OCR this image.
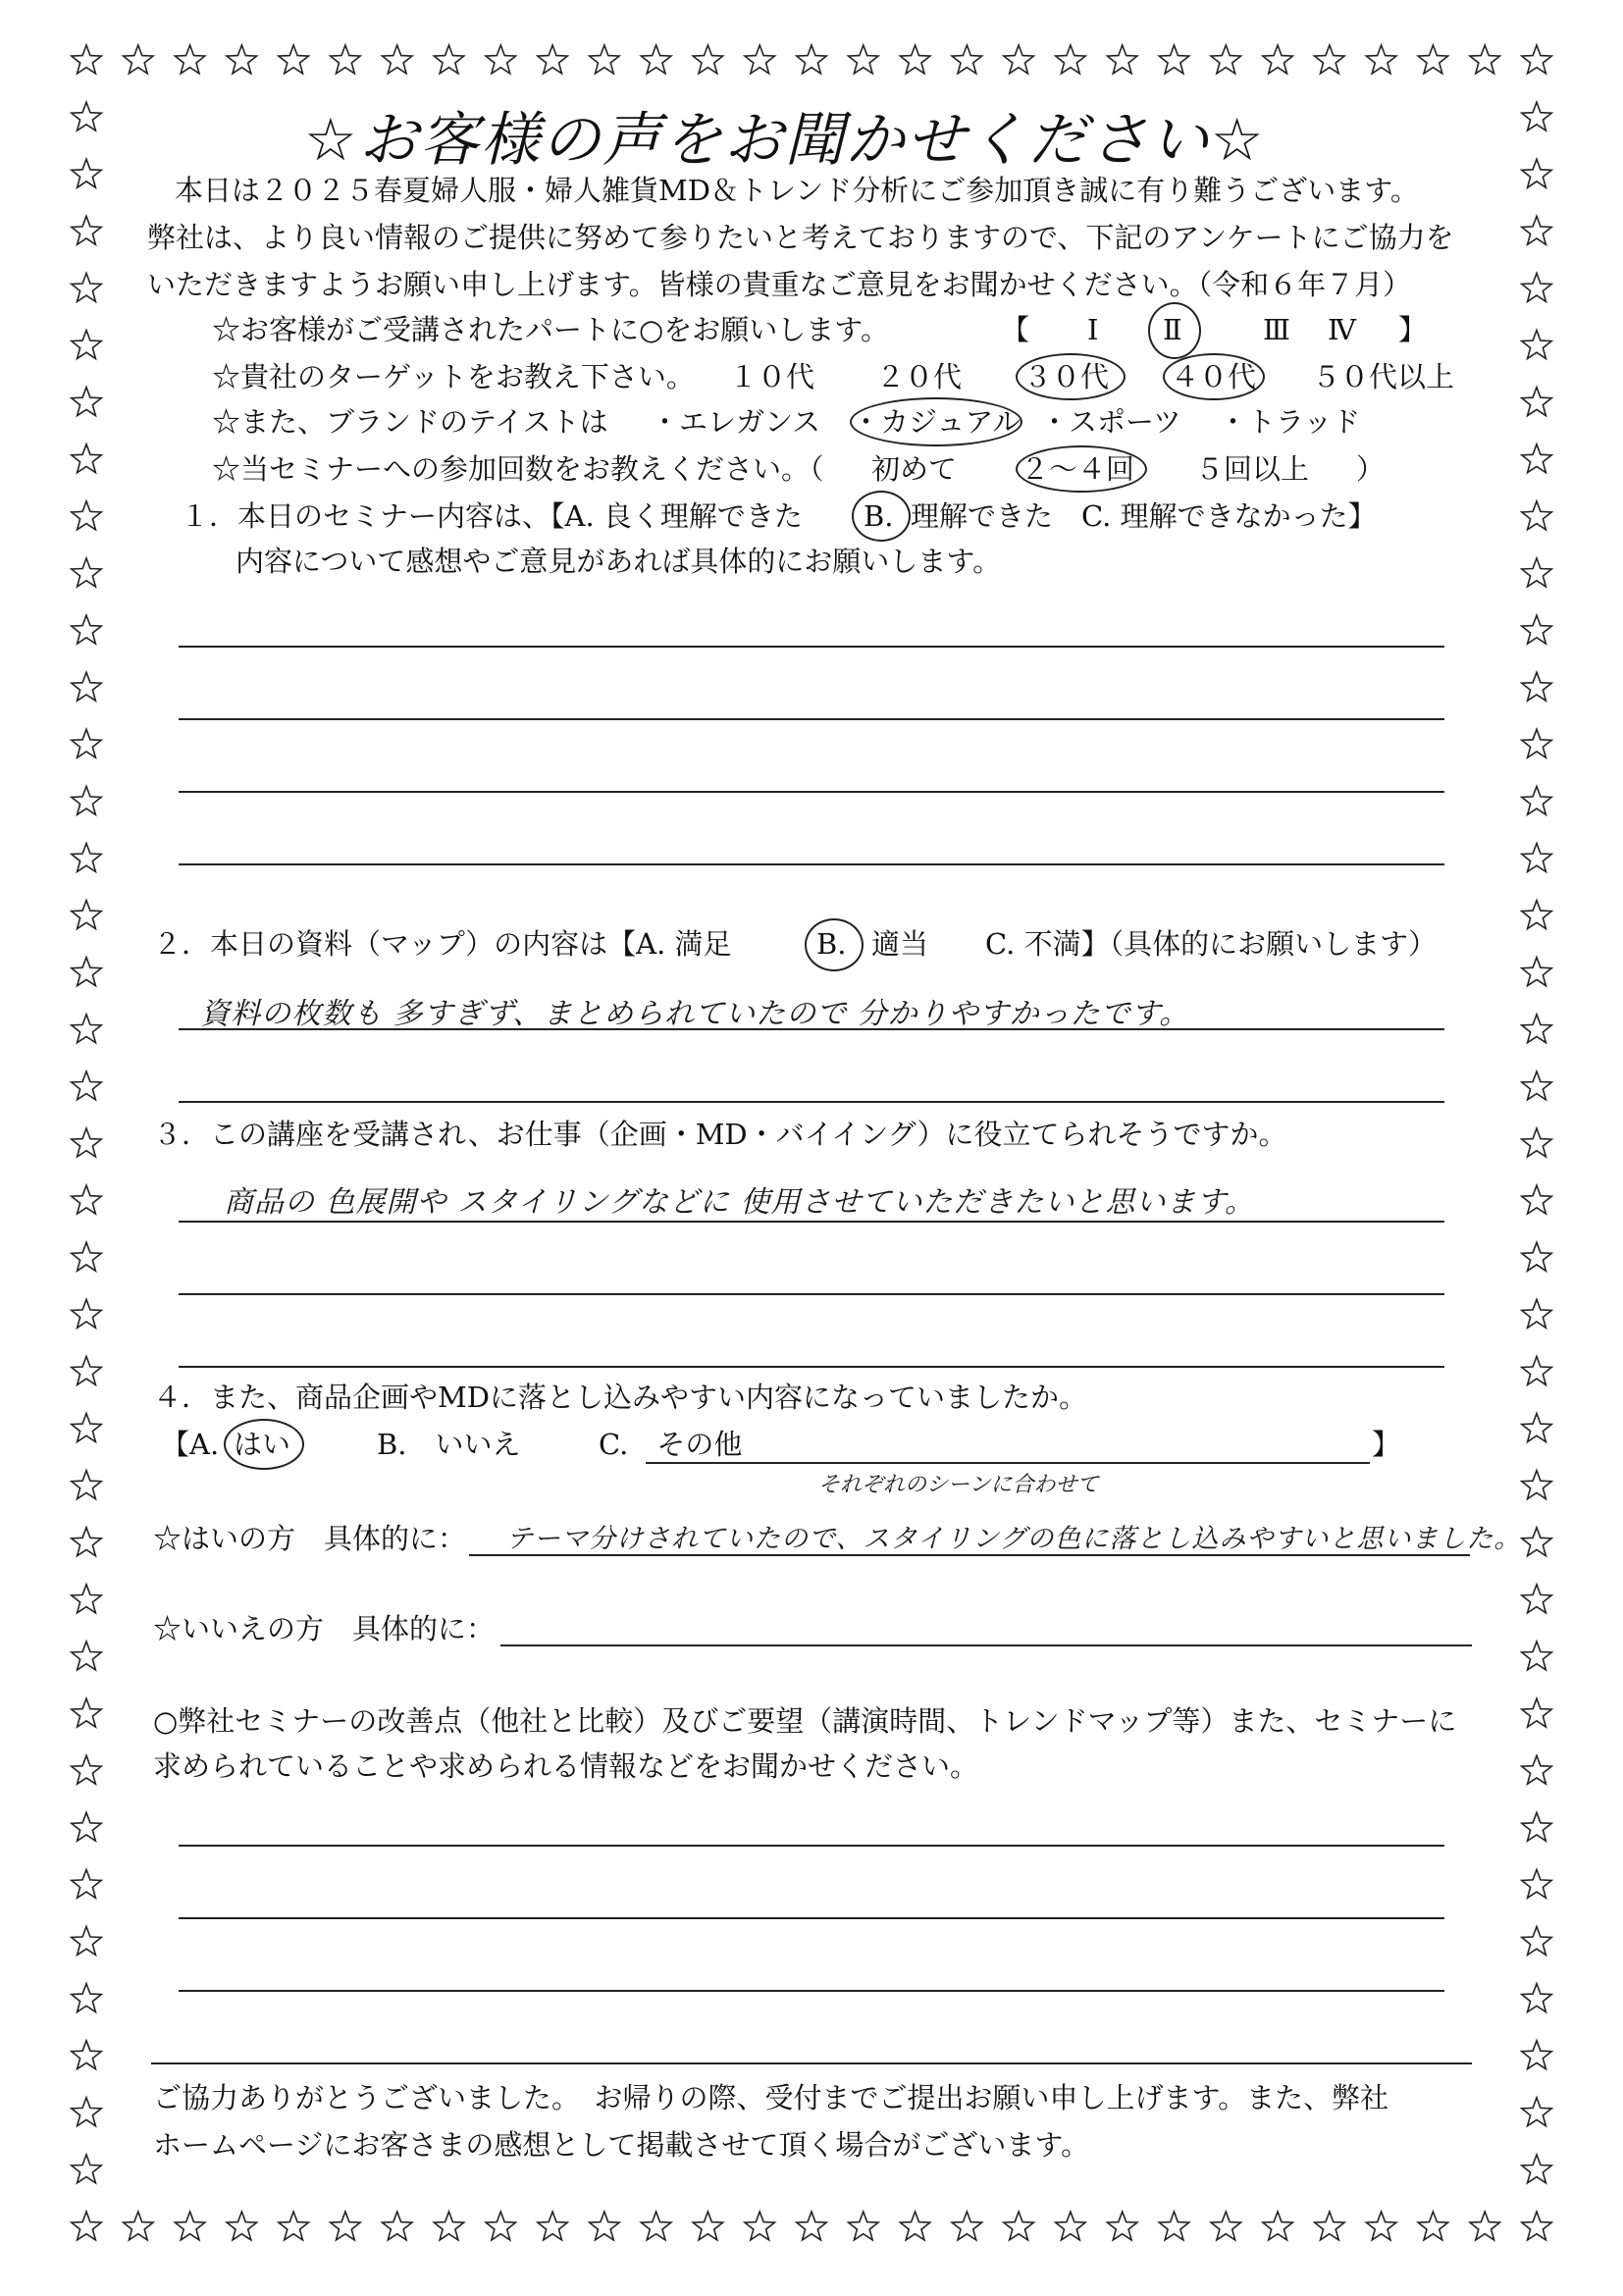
☆お客様の声をお聞かせください☆
本日は２０２５春夏婦人服・婦人雑貨MD＆トレンド分析にご参加頂き誠に有り難うございます。
弊社は、より良い情報のご提供に努めて参りたいと考えておりますので、下記のアンケートにご協力を
いただきますようお願い申し上げます。皆様の貴重なご意見をお聞かせください。（令和６年７月）
☆お客様がご受講されたパートに○をお願いします。	【 Ⅰ Ⅱ	Ⅲ Ⅳ 】
☆貴社のターゲットをお教え下さい。 １０代 ２０代 ３０代 ４０代 ５０代以上
☆また、ブランドのテイストは ・エレガンス ・カジュアル ・スポーツ ・トラッド
☆当セミナーへの参加回数をお教えください。（ 初めて ２～４回 ５回以上 ）
１．本日のセミナー内容は、【A. 良く理解できた B. 理解できた　C. 理解できなかった】
内容について感想やご意見があれば具体的にお願いします。
２．本日の資料（マップ）の内容は【A. 満足	B. 適当　　C. 不満】（具体的にお願いします）
資料の枚数も 多すぎず、まとめられていたので 分かりやすかったです。
３．この講座を受講され、お仕事（企画・MD・バイイング）に役立てられそうですか。
商品の 色展開や スタイリングなどに 使用させていただきたいと思います。
４．また、商品企画やMDに落とし込みやすい内容になっていましたか。
【A. はい	B.　いいえ	C.　その他	】
それぞれのシーンに合わせて
☆はいの方　具体的に： テーマ分けされていたので、スタイリングの色に落とし込みやすいと思いました。
☆いいえの方　具体的に：
○弊社セミナーの改善点（他社と比較）及びご要望（講演時間、トレンドマップ等）また、セミナーに
求められていることや求められる情報などをお聞かせください。
ご協力ありがとうございました。　お帰りの際、受付までご提出お願い申し上げます。また、弊社
ホームページにお客さまの感想として掲載させて頂く場合がございます。
